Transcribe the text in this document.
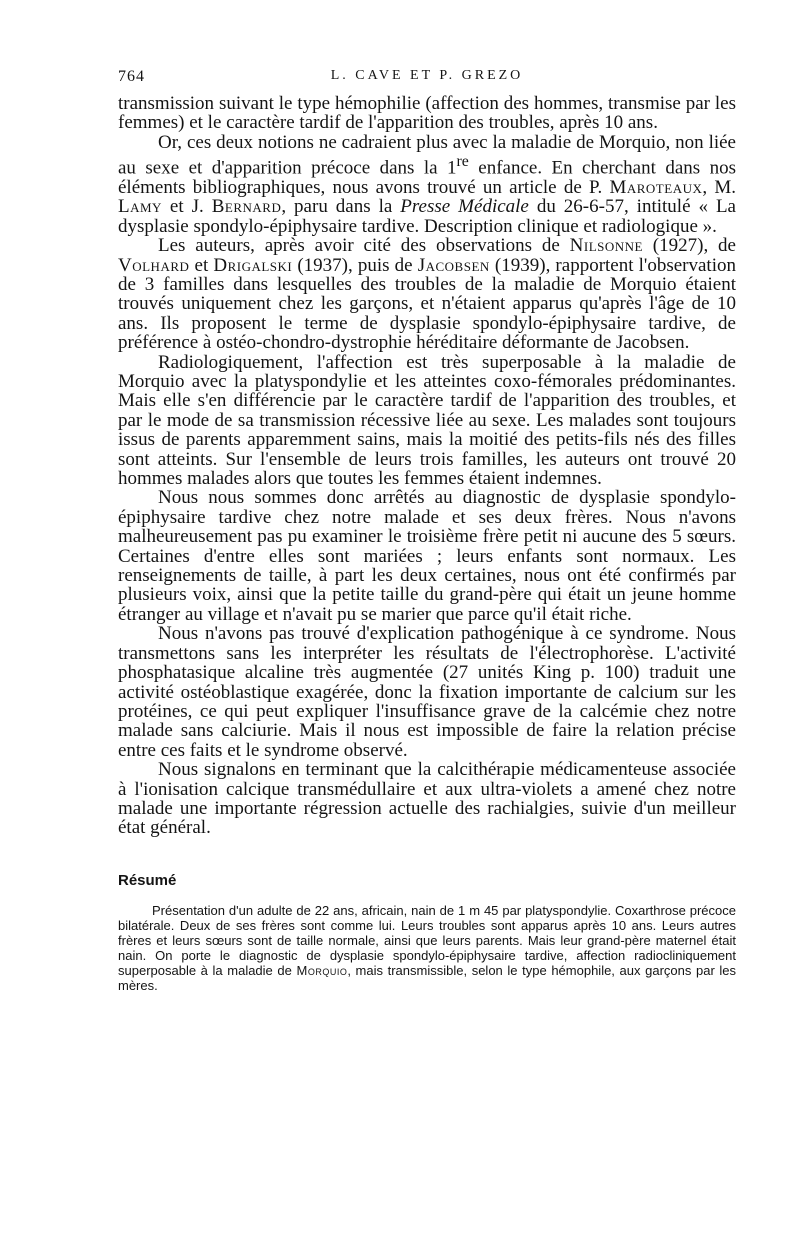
764	L. CAVE ET P. GREZO

transmission suivant le type hémophilie (affection des hommes, transmise par les femmes) et le caractère tardif de l'apparition des troubles, après 10 ans.

Or, ces deux notions ne cadraient plus avec la maladie de Morquio, non liée au sexe et d'apparition précoce dans la 1re enfance. En cherchant dans nos éléments bibliographiques, nous avons trouvé un article de P. Maroteaux, M. Lamy et J. Bernard, paru dans la Presse Médicale du 26-6-57, intitulé « La dysplasie spondylo-épiphysaire tardive. Description clinique et radiologique ».

Les auteurs, après avoir cité des observations de Nilsonne (1927), de Volhard et Drigalski (1937), puis de Jacobsen (1939), rapportent l'observation de 3 familles dans lesquelles des troubles de la maladie de Morquio étaient trouvés uniquement chez les garçons, et n'étaient apparus qu'après l'âge de 10 ans. Ils proposent le terme de dysplasie spondylo-épiphysaire tardive, de préférence à ostéo-chondro-dystrophie héréditaire déformante de Jacobsen.

Radiologiquement, l'affection est très superposable à la maladie de Morquio avec la platyspondylie et les atteintes coxo-fémorales prédominantes. Mais elle s'en différencie par le caractère tardif de l'apparition des troubles, et par le mode de sa transmission récessive liée au sexe. Les malades sont toujours issus de parents apparemment sains, mais la moitié des petits-fils nés des filles sont atteints. Sur l'ensemble de leurs trois familles, les auteurs ont trouvé 20 hommes malades alors que toutes les femmes étaient indemnes.

Nous nous sommes donc arrêtés au diagnostic de dysplasie spondylo-épiphysaire tardive chez notre malade et ses deux frères. Nous n'avons malheureusement pas pu examiner le troisième frère petit ni aucune des 5 sœurs. Certaines d'entre elles sont mariées ; leurs enfants sont normaux. Les renseignements de taille, à part les deux certaines, nous ont été confirmés par plusieurs voix, ainsi que la petite taille du grand-père qui était un jeune homme étranger au village et n'avait pu se marier que parce qu'il était riche.

Nous n'avons pas trouvé d'explication pathogénique à ce syndrome. Nous transmettons sans les interpréter les résultats de l'électrophorèse. L'activité phosphatasique alcaline très augmentée (27 unités King p. 100) traduit une activité ostéoblastique exagérée, donc la fixation importante de calcium sur les protéines, ce qui peut expliquer l'insuffisance grave de la calcémie chez notre malade sans calciurie. Mais il nous est impossible de faire la relation précise entre ces faits et le syndrome observé.

Nous signalons en terminant que la calcithérapie médicamenteuse associée à l'ionisation calcique transmédullaire et aux ultra-violets a amené chez notre malade une importante régression actuelle des rachialgies, suivie d'un meilleur état général.

Résumé

Présentation d'un adulte de 22 ans, africain, nain de 1 m 45 par platyspondylie. Coxarthrose précoce bilatérale. Deux de ses frères sont comme lui. Leurs troubles sont apparus après 10 ans. Leurs autres frères et leurs sœurs sont de taille normale, ainsi que leurs parents. Mais leur grand-père maternel était nain. On porte le diagnostic de dysplasie spondylo-épiphysaire tardive, affection radiocliniquement superposable à la maladie de Morquio, mais transmissible, selon le type hémophile, aux garçons par les mères.
